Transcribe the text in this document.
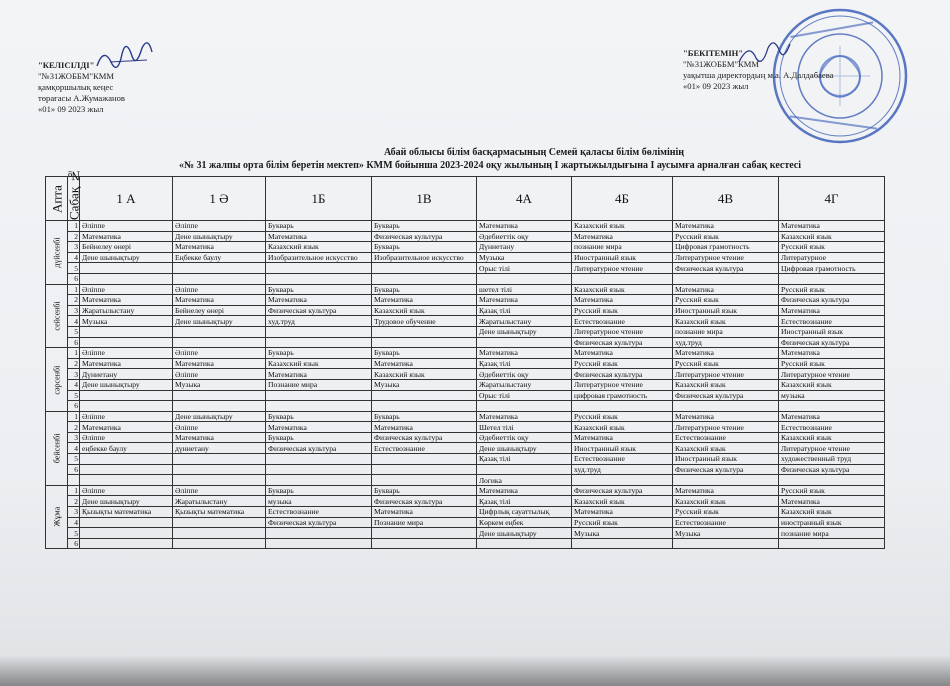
"КЕЛІСІЛДІ"
"№31ЖОББМ"КММ
қамқоршылық кеңес
төрағасы А.Жумажанов
«01» 09 2023 жыл
"БЕКІТЕМІН"
"№31ЖОББМ"КММ
уақытша директордың м.а. А.Далдабаева
«01» 09 2023 жыл
Абай облысы білім басқармасының Семей қаласы білім бөлімінің
«№ 31 жалпы орта білім беретін мектеп» КММ бойынша 2023-2024 оқу жылының І жартыжылдығына І аусымға арналған сабақ кестесі
Апта	Сабақ №	1 А	1 Ә	1Б	1В	4А	4Б	4В	4Г
дүйсенбі	1	Әліппе	Әліппе	Букварь	Букварь	Математика	Казахский язык	Математика	Математика
	2	Математика	Дене шынықтыру	Математика	Физическая культура	Әдебиеттік оқу	Математика	Русский язык	Казахский язык
	3	Бейнелеу өнері	Математика	Казахский язык	Букварь	Дүниетану	познание мира	Цифровая грамотность	Русский язык
	4	Дене шынықтыру	Еңбекке баулу	Изобразительное искусство	Изобразительное искусство	Музыка	Иностранный язык	Литературное чтение	Литературное
	5					Орыс тілі	Литературное чтение	Физическая культура	Цифровая грамотность
	6								
сейсенбі	1	Әліппе	Әліппе	Букварь	Букварь	шетел тілі	Казахский язык	Математика	Русский язык
	2	Математика	Математика	Математика	Математика	Математика	Математика	Русский язык	Физическая культура
	3	Жаратылыстану	Бейнелеу өнері	Физическая культура	Казахский язык	Қазақ тілі	Русский язык	Иностранный язык	Математика
	4	Музыка	Дене шынықтыру	худ.труд	Трудовое обучение	Жаратылыстану	Естествознание	Казахский язык	Естествознание
	5					Дене шынықтыру	Литературное чтение	познание мира	Иностранный язык
	6						Физическая культура	худ.труд	Физическая культура
сәрсенбі	1	Әліппе	Әліппе	Букварь	Букварь	Математика	Математика	Математика	Математика
	2	Математика	Математика	Казахский язык	Математика	Қазақ тілі	Русский язык	Русский язык	Русский язык
	3	Дүниетану	Әліппе	Математика	Казахский язык	Әдебиеттік оқу	Физическая культура	Литературное чтение	Литературное чтение
	4	Дене шынықтыру	Музыка	Познание мира	Музыка	Жаратылыстану	Литературное чтение	Казахский язык	Казахский язык
	5					Орыс тілі	цифровая грамотность	Физическая культура	музыка
	6								
бейсенбі	1	Әліппе	Дене шынықтыру	Букварь	Букварь	Математика	Русский язык	Математика	Математика
	2	Математика	Әліппе	Математика	Математика	Шетел тілі	Казахский язык	Литературное чтение	Естествознание
	3	Әліппе	Математика	Букварь	Физическая культура	Әдебиеттік оқу	Математика	Естествознание	Казахский язык
	4	еңбекке баулу	дүниетану	Физическая культура	Естествознание	Дене шынықтыру	Иностранный язык	Казахский язык	Литературное чтение
	5					Қазақ тілі	Естествознание	Иностранный язык	художественный труд
	6						худ.труд	Физическая культура	Физическая культура
						Логика			
Жұма	1	Әліппе	Әліппе	Букварь	Букварь	Математика	Физическая культура	Математика	Русский язык
	2	Дене шынықтыру	Жаратылыстану	музыка	Физическая культура	Қазақ тілі	Казахский язык	Казахский язык	Математика
	3	Қызықты математика	Қызықты математика	Естествознание	Математика	Цифрлық сауаттылық	Математика	Русский язык	Казахский язык
	4			Физическая культура	Познание мира	Көркем еңбек	Русский язык	Естествознание	иностранный язык
	5					Дене шынықтыру	Музыка	Музыка	познание мира
	6								
